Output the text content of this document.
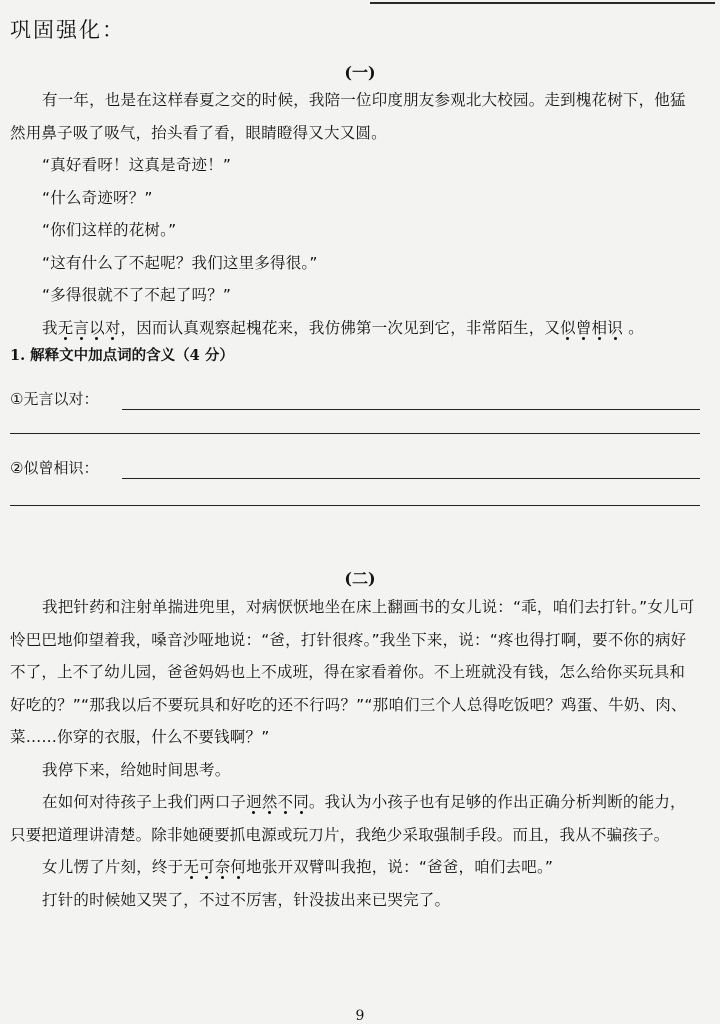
巩固强化：
(一)

有一年，也是在这样春夏之交的时候，我陪一位印度朋友参观北大校园。走到槐花树下，他猛然用鼻子吸了吸气，抬头看了看，眼睛瞪得又大又圆。

“真好看呀！这真是奇迹！”

“什么奇迹呀？”

“你们这样的花树。”

“这有什么了不起呢？我们这里多得很。”

“多得很就不了不起了吗？”

我无言以对，因而认真观察起槐花来，我仿佛第一次见到它，非常陌生，又似曾相识 。

1. 解释文中加点词的含义（4 分）
①无言以对：
②似曾相识：
(二)

我把针药和注射单揣进兜里，对病恹恹地坐在床上翻画书的女儿说：“乖，咱们去打针。”女儿可怜巴巴地仰望着我，嗓音沙哑地说：“爸，打针很疼。”我坐下来，说：“疼也得打啊，要不你的病好不了，上不了幼儿园，爸爸妈妈也上不成班，得在家看着你。不上班就没有钱，怎么给你买玩具和好吃的？”“那我以后不要玩具和好吃的还不行吗？”“那咱们三个人总得吃饭吧？鸡蛋、牛奶、肉、菜……你穿的衣服，什么不要钱啊？”

我停下来，给她时间思考。

在如何对待孩子上我们两口子迥然不同。我认为小孩子也有足够的作出正确分析判断的能力，只要把道理讲清楚。除非她硬要抓电源或玩刀片，我绝少采取强制手段。而且，我从不骗孩子。

女儿愣了片刻，终于无可奈何地张开双臂叫我抱，说：“爸爸，咱们去吧。”

打针的时候她又哭了，不过不厉害，针没拔出来已哭完了。

9
